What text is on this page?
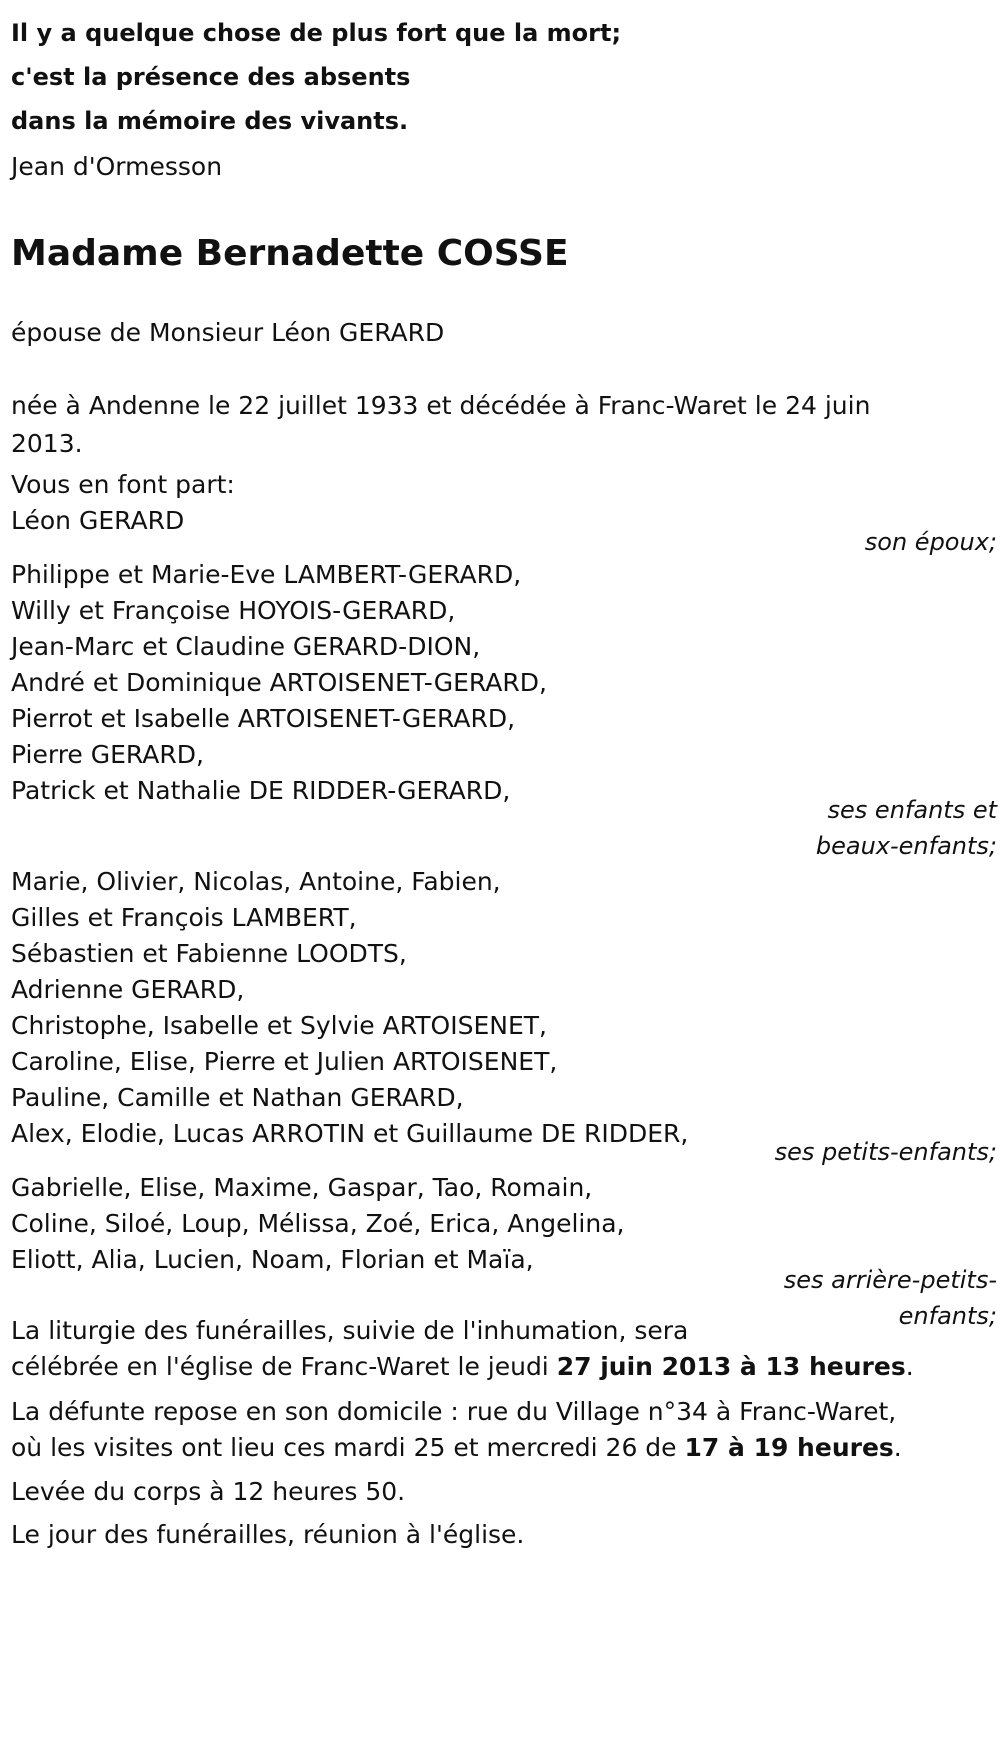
Il y a quelque chose de plus fort que la mort;
c'est la présence des absents
dans la mémoire des vivants.
Jean d'Ormesson
Madame Bernadette COSSE
épouse de Monsieur Léon GERARD
née à Andenne le 22 juillet 1933 et décédée à Franc-Waret le 24 juin 2013.
Vous en font part:
Léon GERARD
son époux;
Philippe et Marie-Eve LAMBERT-GERARD,
Willy et Françoise HOYOIS-GERARD,
Jean-Marc et Claudine GERARD-DION,
André et Dominique ARTOISENET-GERARD,
Pierrot et Isabelle ARTOISENET-GERARD,
Pierre GERARD,
Patrick et Nathalie DE RIDDER-GERARD,
ses enfants et
beaux-enfants;
Marie, Olivier, Nicolas, Antoine, Fabien,
Gilles et François LAMBERT,
Sébastien et Fabienne LOODTS,
Adrienne GERARD,
Christophe, Isabelle et Sylvie ARTOISENET,
Caroline, Elise, Pierre et Julien ARTOISENET,
Pauline, Camille et Nathan GERARD,
Alex, Elodie, Lucas ARROTIN et Guillaume DE RIDDER,
ses petits-enfants;
Gabrielle, Elise, Maxime, Gaspar, Tao, Romain,
Coline, Siloé, Loup, Mélissa, Zoé, Erica, Angelina,
Eliott, Alia, Lucien, Noam, Florian et Maïa,
ses arrière-petits-
enfants;
La liturgie des funérailles, suivie de l'inhumation, sera
célébrée en l'église de Franc-Waret le jeudi 27 juin 2013 à 13 heures.
La défunte repose en son domicile : rue du Village n°34 à Franc-Waret,
où les visites ont lieu ces mardi 25 et mercredi 26 de 17 à 19 heures.
Levée du corps à 12 heures 50.
Le jour des funérailles, réunion à l'église.
